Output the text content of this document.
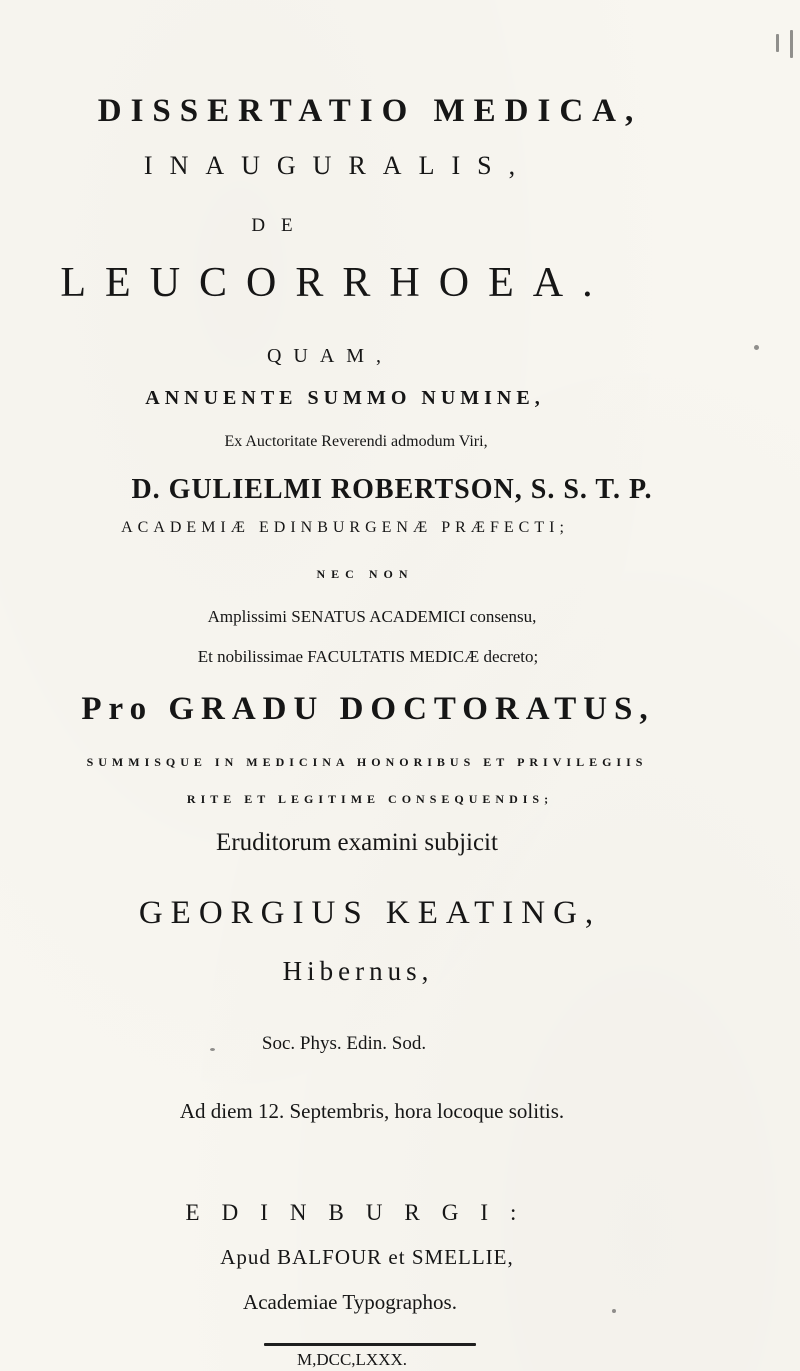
DISSERTATIO MEDICA,
INAUGURALIS,
DE
LEUCORRHOEA.
QUAM,
ANNUENTE SUMMO NUMINE,
Ex Auctoritate Reverendi admodum Viri,
D. GULIELMI ROBERTSON, S. S. T. P.
ACADEMIÆ EDINBURGENÆ PRÆFECTI;
NEC NON
Amplissimi SENATUS ACADEMICI consensu,
Et nobilissimae FACULTATIS MEDICÆ decreto;
Pro GRADU DOCTORATUS,
SUMMISQUE IN MEDICINA HONORIBUS ET PRIVILEGIIS
RITE ET LEGITIME CONSEQUENDIS;
Eruditorum examini subjicit
GEORGIUS KEATING,
Hibernus,
Soc. Phys. Edin. Sod.
Ad diem 12. Septembris, hora locoque solitis.
EDINBURGI:
Apud BALFOUR et SMELLIE,
Academiae Typographos.
M,DCC,LXXX.
